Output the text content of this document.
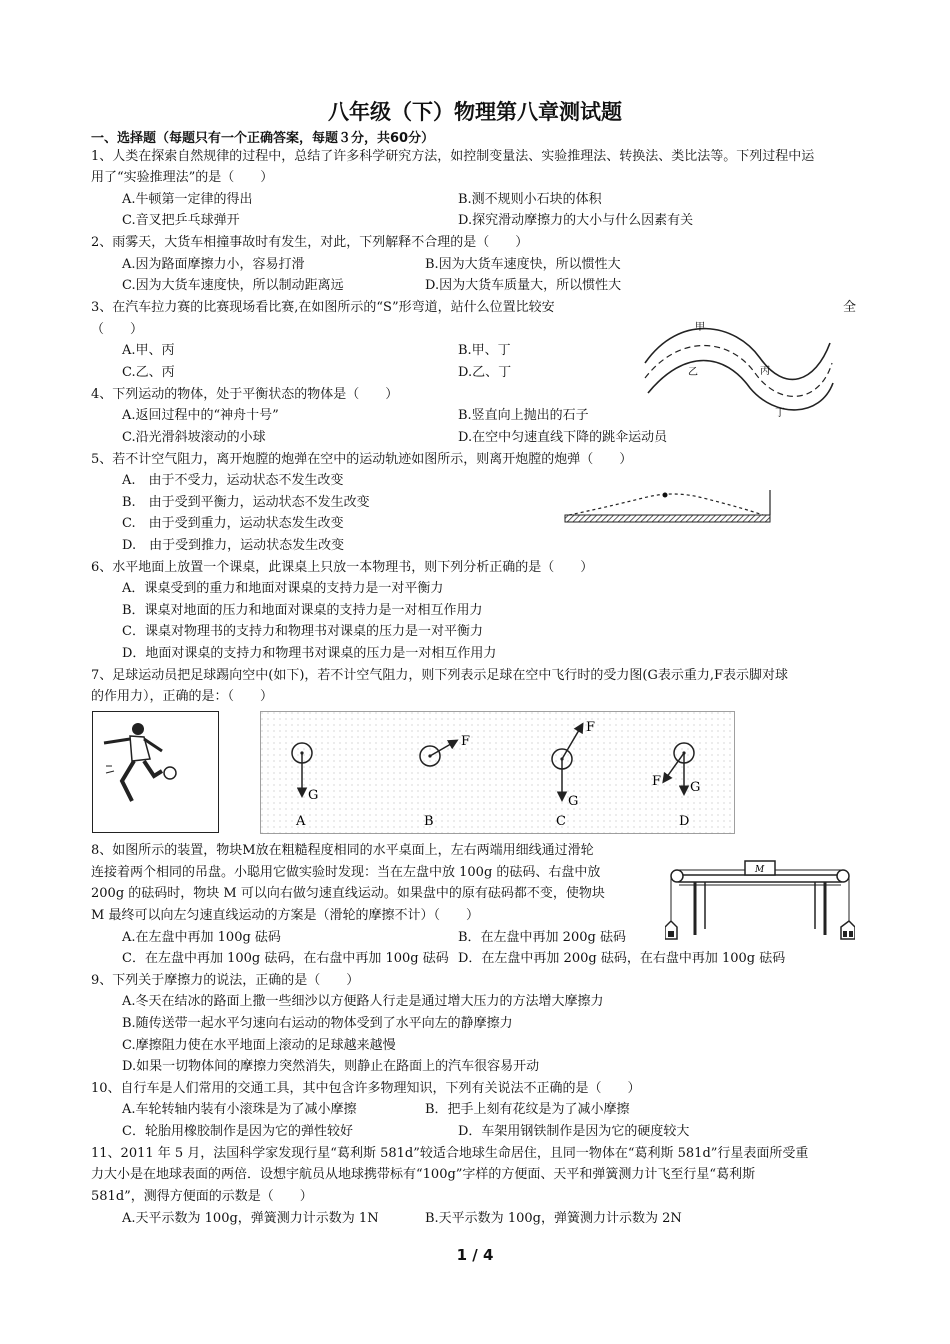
八年级（下）物理第八章测试题
一、选择题（每题只有一个正确答案，每题３分，共60分）
1、人类在探索自然规律的过程中，总结了许多科学研究方法，如控制变量法、实验推理法、转换法、类比法等。下列过程中运
用了“实验推理法”的是（　　）
A.牛顿第一定律的得出	B.测不规则小石块的体积
C.音叉把乒乓球弹开	D.探究滑动摩擦力的大小与什么因素有关
2、雨雾天，大货车相撞事故时有发生，对此，下列解释不合理的是（　　）
A.因为路面摩擦力小，容易打滑	B.因为大货车速度快，所以惯性大
C.因为大货车速度快，所以制动距离远	D.因为大货车质量大，所以惯性大
3、在汽车拉力赛的比赛现场看比赛,在如图所示的“S”形弯道，站什么位置比较安	全
（　　）
A.甲、丙	B.甲、丁
C.乙、丙	D.乙、丁
甲
乙	丙
丁
4、下列运动的物体，处于平衡状态的物体是（　　）
A.返回过程中的“神舟十号”	B.竖直向上抛出的石子
C.沿光滑斜坡滚动的小球	D.在空中匀速直线下降的跳伞运动员
5、若不计空气阻力，离开炮膛的炮弹在空中的运动轨迹如图所示，则离开炮膛的炮弹（　　）
A.　由于不受力，运动状态不发生改变
B.　由于受到平衡力，运动状态不发生改变
C.　由于受到重力，运动状态发生改变
D.　由于受到推力，运动状态发生改变
6、水平地面上放置一个课桌，此课桌上只放一本物理书，则下列分析正确的是（　　）
A．课桌受到的重力和地面对课桌的支持力是一对平衡力
B．课桌对地面的压力和地面对课桌的支持力是一对相互作用力
C．课桌对物理书的支持力和物理书对课桌的压力是一对平衡力
D．地面对课桌的支持力和物理书对课桌的压力是一对相互作用力
7、足球运动员把足球踢向空中(如下)，若不计空气阻力，则下列表示足球在空中飞行时的受力图(G表示重力,F表示脚对球
的作用力），正确的是：（　　）
G
A
F
B
F
G
C
F G
D
8、如图所示的装置，物块M放在粗糙程度相同的水平桌面上，左右两端用细线通过滑轮
连接着两个相同的吊盘。小聪用它做实验时发现：当在左盘中放 100g 的砝码、右盘中放
200g 的砝码时，物块 M 可以向右做匀速直线运动。如果盘中的原有砝码都不变，使物块
M 最终可以向左匀速直线运动的方案是（滑轮的摩擦不计）（　　）
A.在左盘中再加 100g 砝码	B．在左盘中再加 200g 砝码
C．在左盘中再加 100g 砝码，在右盘中再加 100g 砝码 D．在左盘中再加 200g 砝码，在右盘中再加 100g 砝码
M
9、下列关于摩擦力的说法，正确的是（　　）
A.冬天在结冰的路面上撒一些细沙以方便路人行走是通过增大压力的方法增大摩擦力
B.随传送带一起水平匀速向右运动的物体受到了水平向左的静摩擦力
C.摩擦阻力使在水平地面上滚动的足球越来越慢
D.如果一切物体间的摩擦力突然消失，则静止在路面上的汽车很容易开动
10、自行车是人们常用的交通工具，其中包含许多物理知识，下列有关说法不正确的是（　　）
A.车轮转轴内装有小滚珠是为了减小摩擦	B．把手上刻有花纹是为了减小摩擦
C．轮胎用橡胶制作是因为它的弹性较好	D．车架用钢铁制作是因为它的硬度较大
11、2011 年 5 月，法国科学家发现行星“葛利斯 581d”较适合地球生命居住，且同一物体在“葛利斯 581d”行星表面所受重
力大小是在地球表面的两倍．设想宇航员从地球携带标有“100g”字样的方便面、天平和弹簧测力计飞至行星“葛利斯
581d”，测得方便面的示数是（　　）
A.天平示数为 100g，弹簧测力计示数为 1N	B.天平示数为 100g，弹簧测力计示数为 2N
1 / 4
